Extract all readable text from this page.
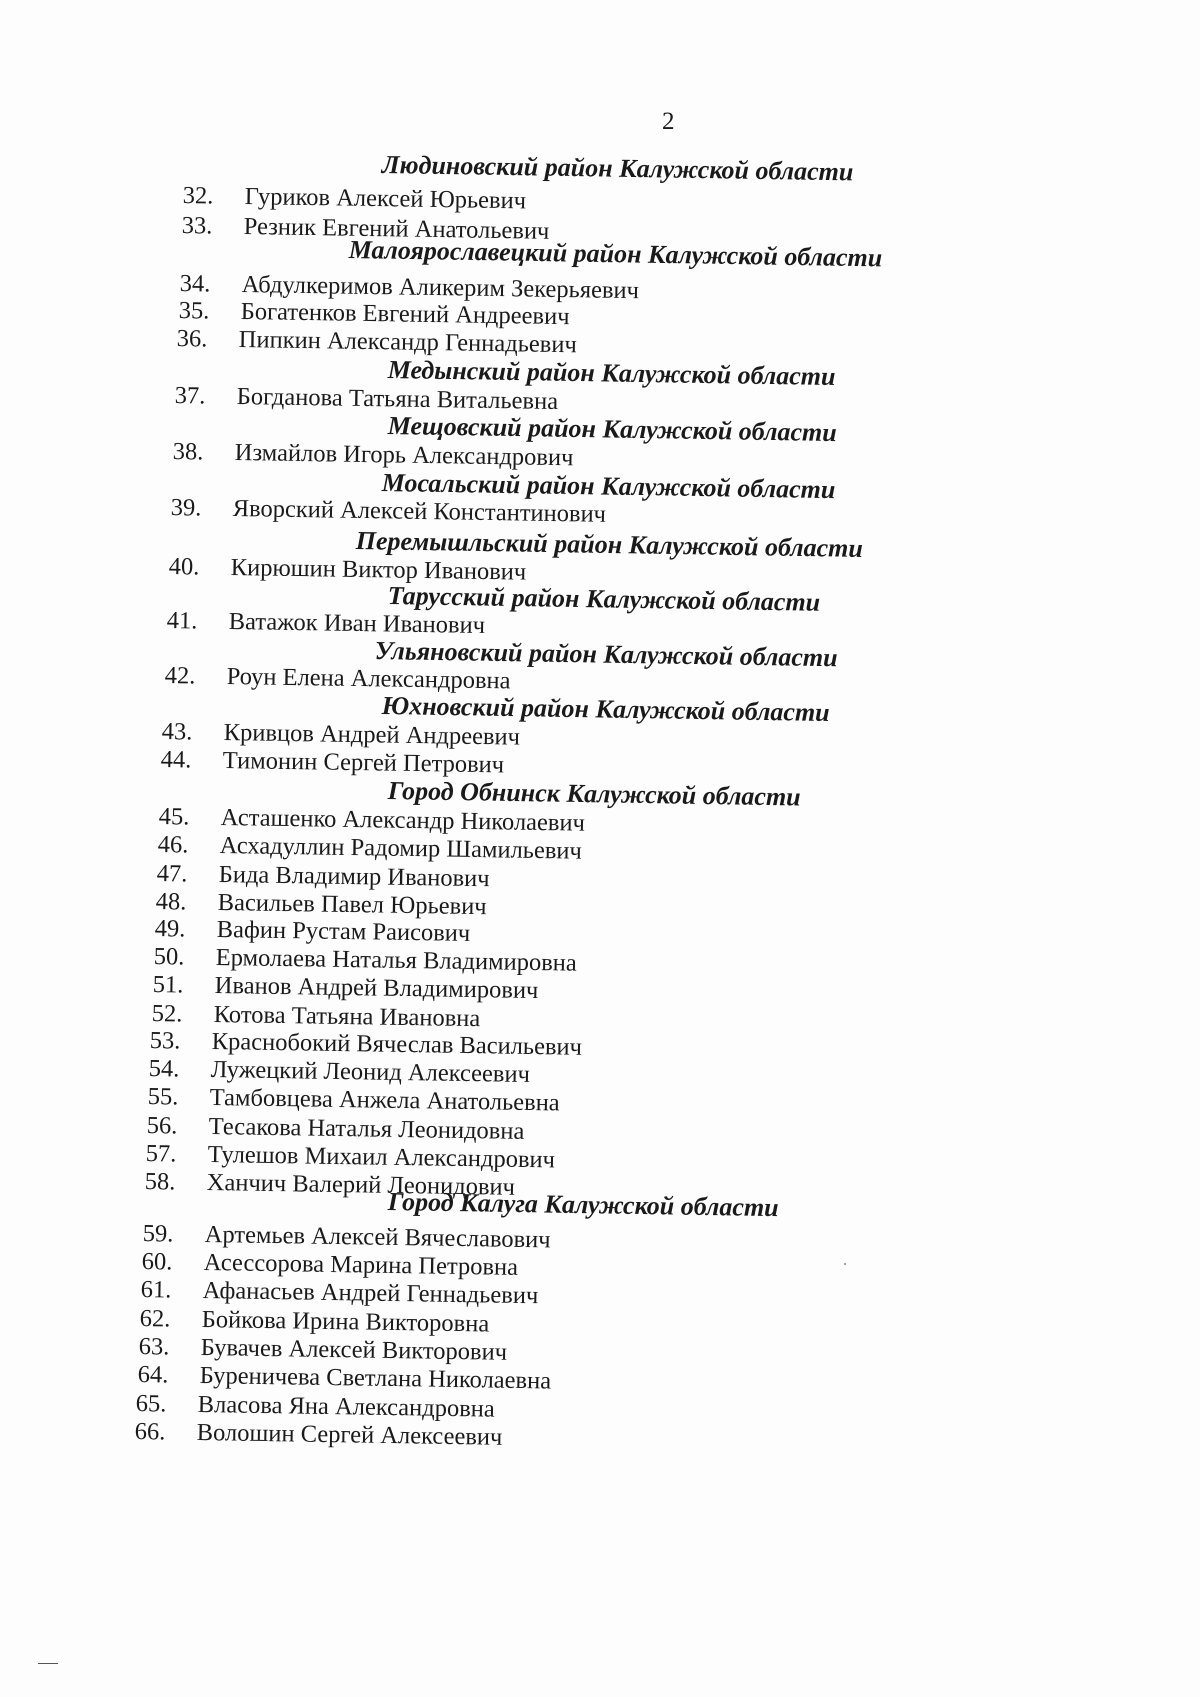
2
Людиновский район Калужской области
32. Гуриков Алексей Юрьевич
33. Резник Евгений Анатольевич
Малоярославецкий район Калужской области
34. Абдулкеримов Аликерим Зекерьяевич
35. Богатенков Евгений Андреевич
36. Пипкин Александр Геннадьевич
Медынский район Калужской области
37. Богданова Татьяна Витальевна
Мещовский район Калужской области
38. Измайлов Игорь Александрович
Мосальский район Калужской области
39. Яворский Алексей Константинович
Перемышльский район Калужской области
40. Кирюшин Виктор Иванович
Тарусский район Калужской области
41. Ватажок Иван Иванович
Ульяновский район Калужской области
42. Роун Елена Александровна
Юхновский район Калужской области
43. Кривцов Андрей Андреевич
44. Тимонин Сергей Петрович
Город Обнинск Калужской области
45. Асташенко Александр Николаевич
46. Асхадуллин Радомир Шамильевич
47. Бида Владимир Иванович
48. Васильев Павел Юрьевич
49. Вафин Рустам Раисович
50. Ермолаева Наталья Владимировна
51. Иванов Андрей Владимирович
52. Котова Татьяна Ивановна
53. Краснобокий Вячеслав Васильевич
54. Лужецкий Леонид Алексеевич
55. Тамбовцева Анжела Анатольевна
56. Тесакова Наталья Леонидовна
57. Тулешов Михаил Александрович
58. Ханчич Валерий Леонидович
Город Калуга Калужской области
59. Артемьев Алексей Вячеславович
60. Асессорова Марина Петровна
61. Афанасьев Андрей Геннадьевич
62. Бойкова Ирина Викторовна
63. Бувачев Алексей Викторович
64. Буреничева Светлана Николаевна
65. Власова Яна Александровна
66. Волошин Сергей Алексеевич
